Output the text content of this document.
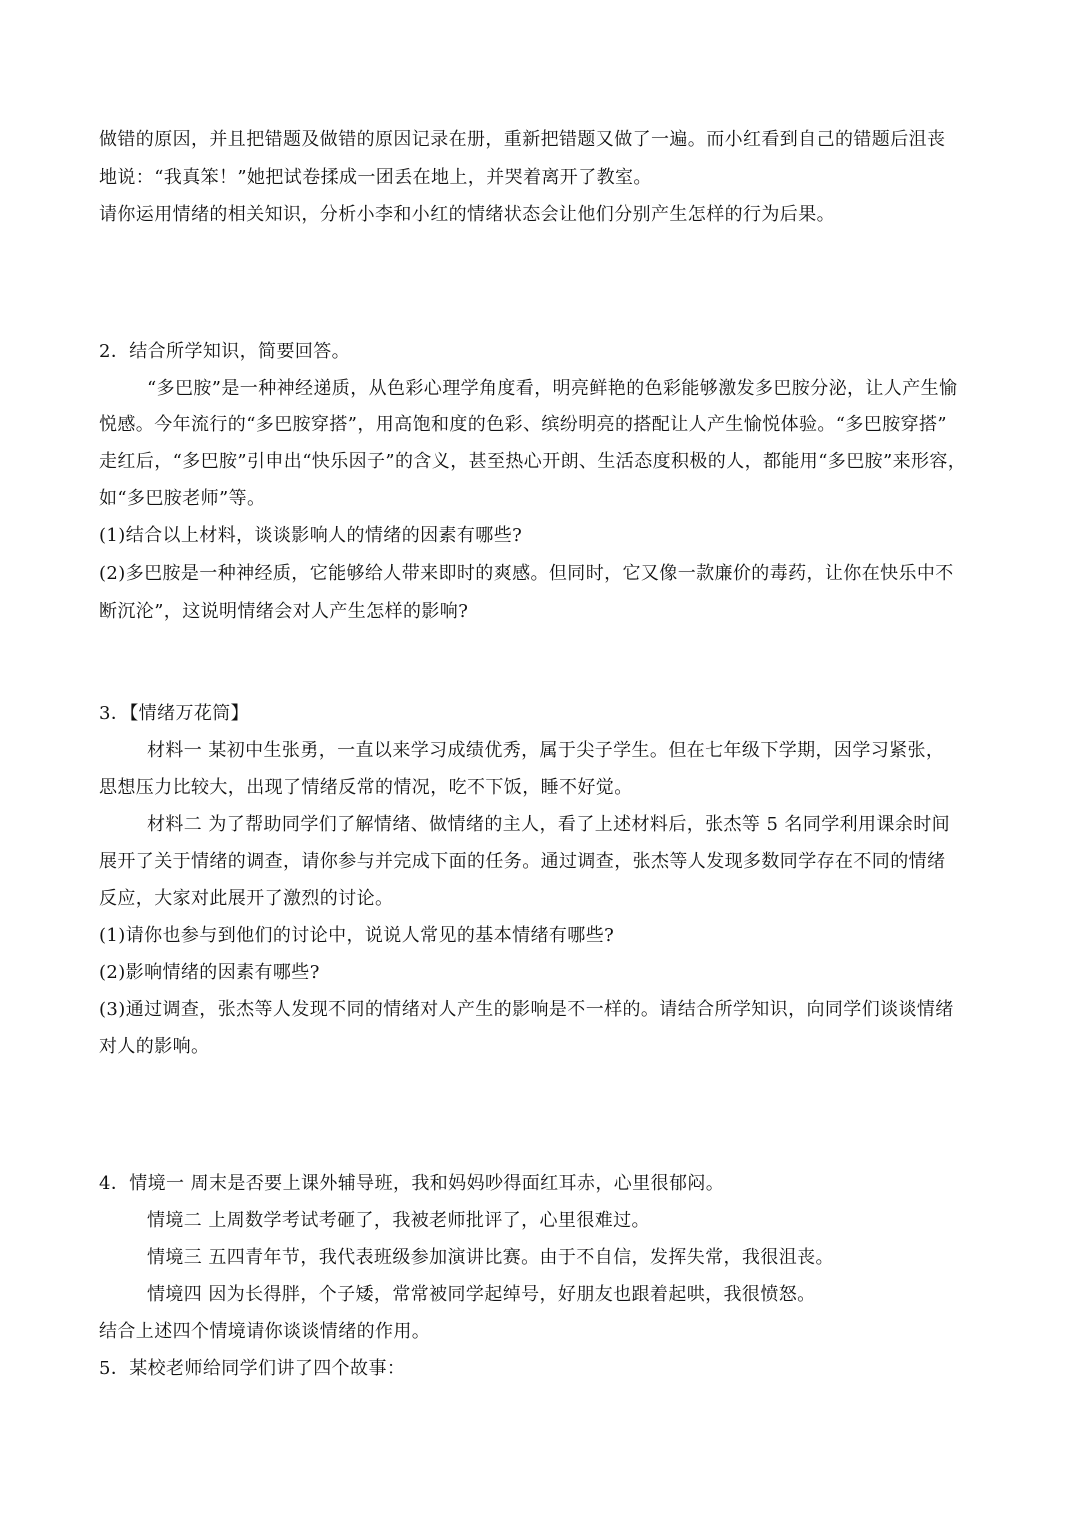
做错的原因，并且把错题及做错的原因记录在册，重新把错题又做了一遍。而小红看到自己的错题后沮丧
地说：“我真笨！”她把试卷揉成一团丢在地上，并哭着离开了教室。
请你运用情绪的相关知识，分析小李和小红的情绪状态会让他们分别产生怎样的行为后果。
2．结合所学知识，简要回答。
“多巴胺”是一种神经递质，从色彩心理学角度看，明亮鲜艳的色彩能够激发多巴胺分泌，让人产生愉
悦感。今年流行的“多巴胺穿搭”，用高饱和度的色彩、缤纷明亮的搭配让人产生愉悦体验。“多巴胺穿搭”
走红后，“多巴胺”引申出“快乐因子”的含义，甚至热心开朗、生活态度积极的人，都能用“多巴胺”来形容，
如“多巴胺老师”等。
(1)结合以上材料，谈谈影响人的情绪的因素有哪些?
(2)多巴胺是一种神经质，它能够给人带来即时的爽感。但同时，它又像一款廉价的毒药，让你在快乐中不
断沉沦”，这说明情绪会对人产生怎样的影响?
3．【情绪万花筒】
材料一 某初中生张勇，一直以来学习成绩优秀，属于尖子学生。但在七年级下学期，因学习紧张，
思想压力比较大，出现了情绪反常的情况，吃不下饭，睡不好觉。
材料二 为了帮助同学们了解情绪、做情绪的主人，看了上述材料后，张杰等 5 名同学利用课余时间
展开了关于情绪的调查，请你参与并完成下面的任务。通过调查，张杰等人发现多数同学存在不同的情绪
反应，大家对此展开了激烈的讨论。
(1)请你也参与到他们的讨论中，说说人常见的基本情绪有哪些?
(2)影响情绪的因素有哪些?
(3)通过调查，张杰等人发现不同的情绪对人产生的影响是不一样的。请结合所学知识，向同学们谈谈情绪
对人的影响。
4．情境一 周末是否要上课外辅导班，我和妈妈吵得面红耳赤，心里很郁闷。
情境二 上周数学考试考砸了，我被老师批评了，心里很难过。
情境三 五四青年节，我代表班级参加演讲比赛。由于不自信，发挥失常，我很沮丧。
情境四 因为长得胖，个子矮，常常被同学起绰号，好朋友也跟着起哄，我很愤怒。
结合上述四个情境请你谈谈情绪的作用。
5．某校老师给同学们讲了四个故事：
